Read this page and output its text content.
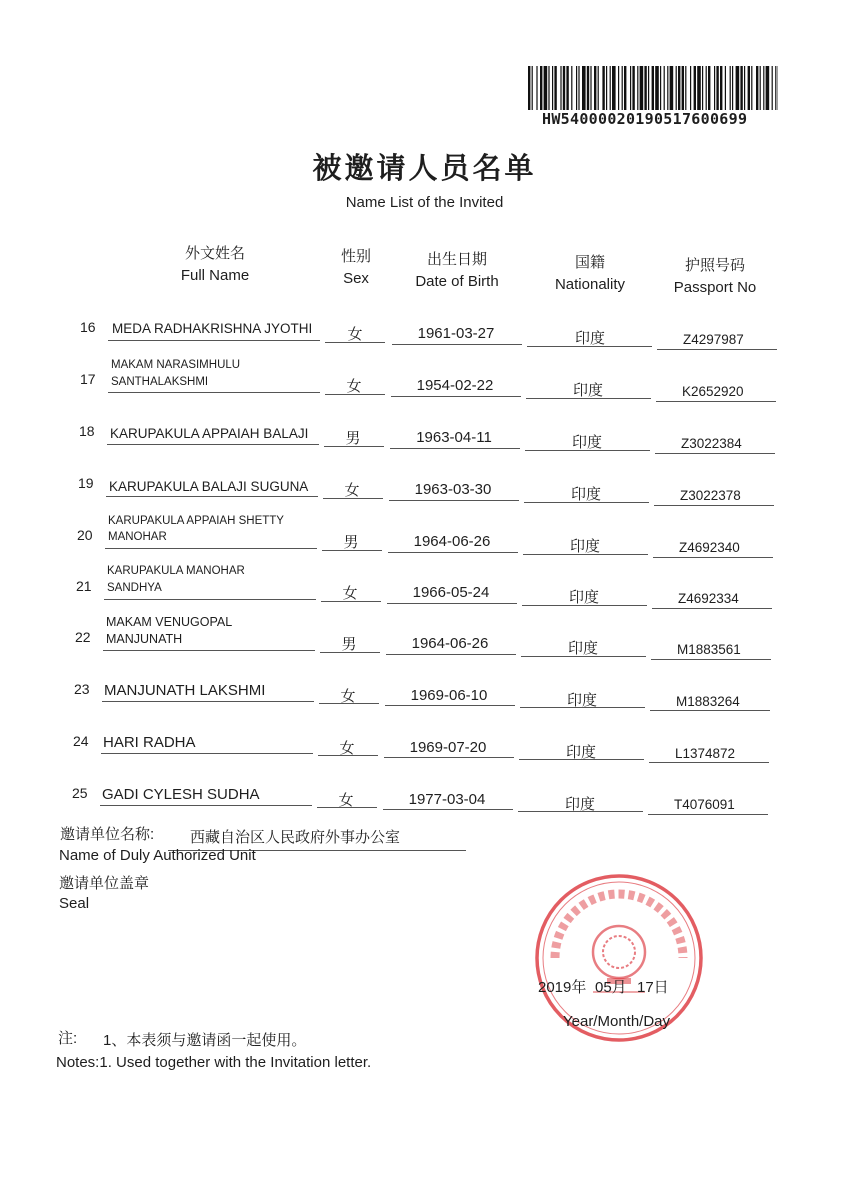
HW5400002019051760069​9
被邀请人员名单
Name List of the Invited
外文姓名
Full Name
性别
Sex
出生日期
Date of Birth
国籍
Nationality
护照号码
Passport No
16 MEDA RADHAKRISHNA JYOTHI	女	1961-03-27	印度	Z4297987
17
MAKAM NARASIMHULU
SANTHALAKSHMI	女	1954-02-22	印度	K2652920
18 KARUPAKULA APPAIAH BALAJI	男	1963-04-11	印度	Z3022384
19 KARUPAKULA BALAJI SUGUNA	女	1963-03-30	印度	Z3022378
20
KARUPAKULA APPAIAH SHETTY
MANOHAR	男	1964-06-26	印度	Z4692340
21
KARUPAKULA MANOHAR
SANDHYA	女	1966-05-24	印度	Z4692334
22
MAKAM VENUGOPAL
MANJUNATH	男	1964-06-26	印度	M1883561
23 MANJUNATH LAKSHMI	女	1969-06-10	印度	M1883264
24 HARI RADHA	女	1969-07-20	印度	L1374872
25 GADI CYLESH SUDHA	女	1977-03-04	印度	T4076091
邀请单位名称: 西藏自治区人民政府外事办公室
Name of Duly Authorized Unit
邀请单位盖章
Seal
2019年 05月 17日
Year/Month/Day
注: 1、本表须与邀请函一起使用。
Notes:1. Used together with the Invitation letter.
